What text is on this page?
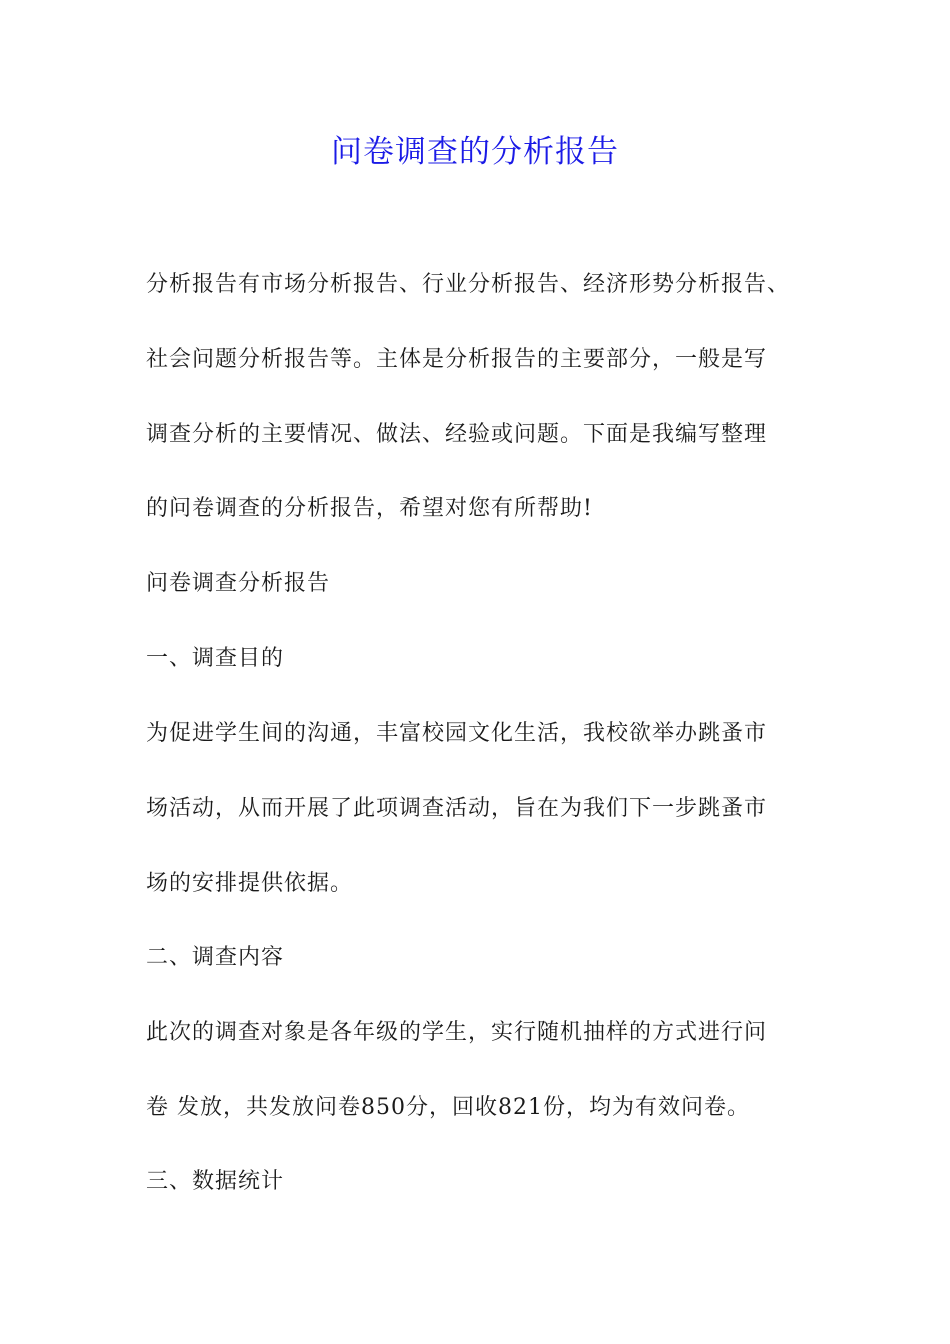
问卷调查的分析报告
分析报告有市场分析报告、行业分析报告、经济形势分析报告、
社会问题分析报告等。主体是分析报告的主要部分，一般是写
调查分析的主要情况、做法、经验或问题。下面是我编写整理
的问卷调查的分析报告，希望对您有所帮助!
问卷调查分析报告
一、调查目的
为促进学生间的沟通，丰富校园文化生活，我校欲举办跳蚤市
场活动，从而开展了此项调查活动，旨在为我们下一步跳蚤市
场的安排提供依据。
二、调查内容
此次的调查对象是各年级的学生，实行随机抽样的方式进行问
卷 发放，共发放问卷850分，回收821份，均为有效问卷。
三、数据统计
